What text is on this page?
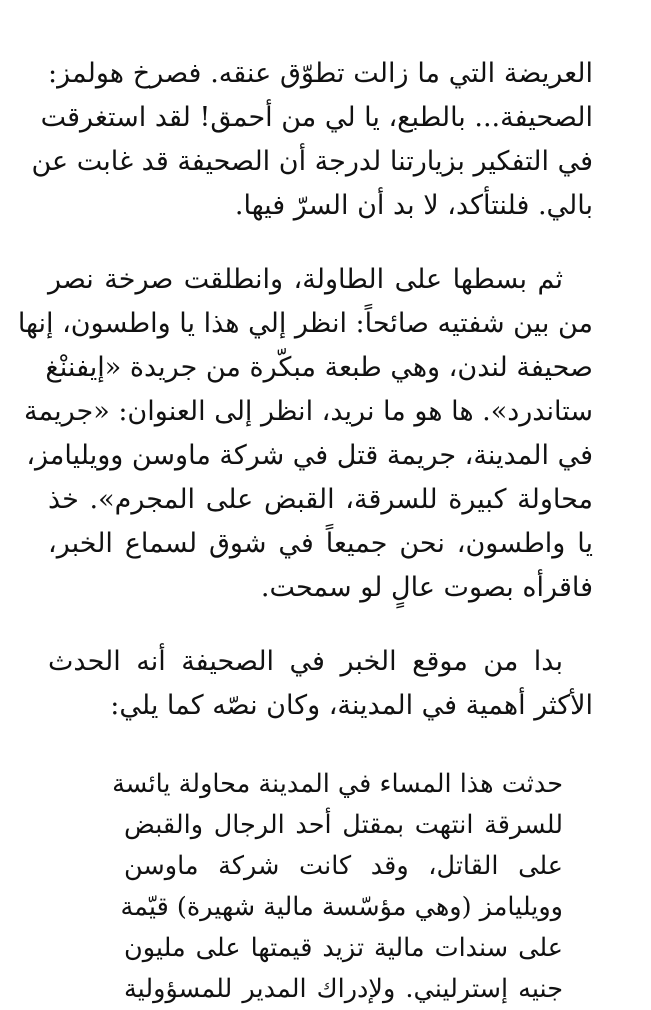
العريضة التي ما زالت تطوّق عنقه. فصرخ هولمز:
الصحيفة... بالطبع، يا لي من أحمق! لقد استغرقت
في التفكير بزيارتنا لدرجة أن الصحيفة قد غابت عن
بالي. فلنتأكد، لا بد أن السرّ فيها.

ثم بسطها على الطاولة، وانطلقت صرخة نصر
من بين شفتيه صائحاً: انظر إلي هذا يا واطسون، إنها
صحيفة لندن، وهي طبعة مبكّرة من جريدة «إيفننْغ
ستاندرد». ها هو ما نريد، انظر إلى العنوان: «جريمة
في المدينة، جريمة قتل في شركة ماوسن وويليامز،
محاولة كبيرة للسرقة، القبض على المجرم». خذ
يا واطسون، نحن جميعاً في شوق لسماع الخبر،
فاقرأه بصوت عالٍ لو سمحت.

بدا من موقع الخبر في الصحيفة أنه الحدث
الأكثر أهمية في المدينة، وكان نصّه كما يلي:

حدثت هذا المساء في المدينة محاولة يائسة
للسرقة انتهت بمقتل أحد الرجال والقبض
على القاتل، وقد كانت شركة ماوسن
وويليامز (وهي مؤسّسة مالية شهيرة) قيّمة
على سندات مالية تزيد قيمتها على مليون
جنيه إسترليني. ولإدراك المدير للمسؤولية
